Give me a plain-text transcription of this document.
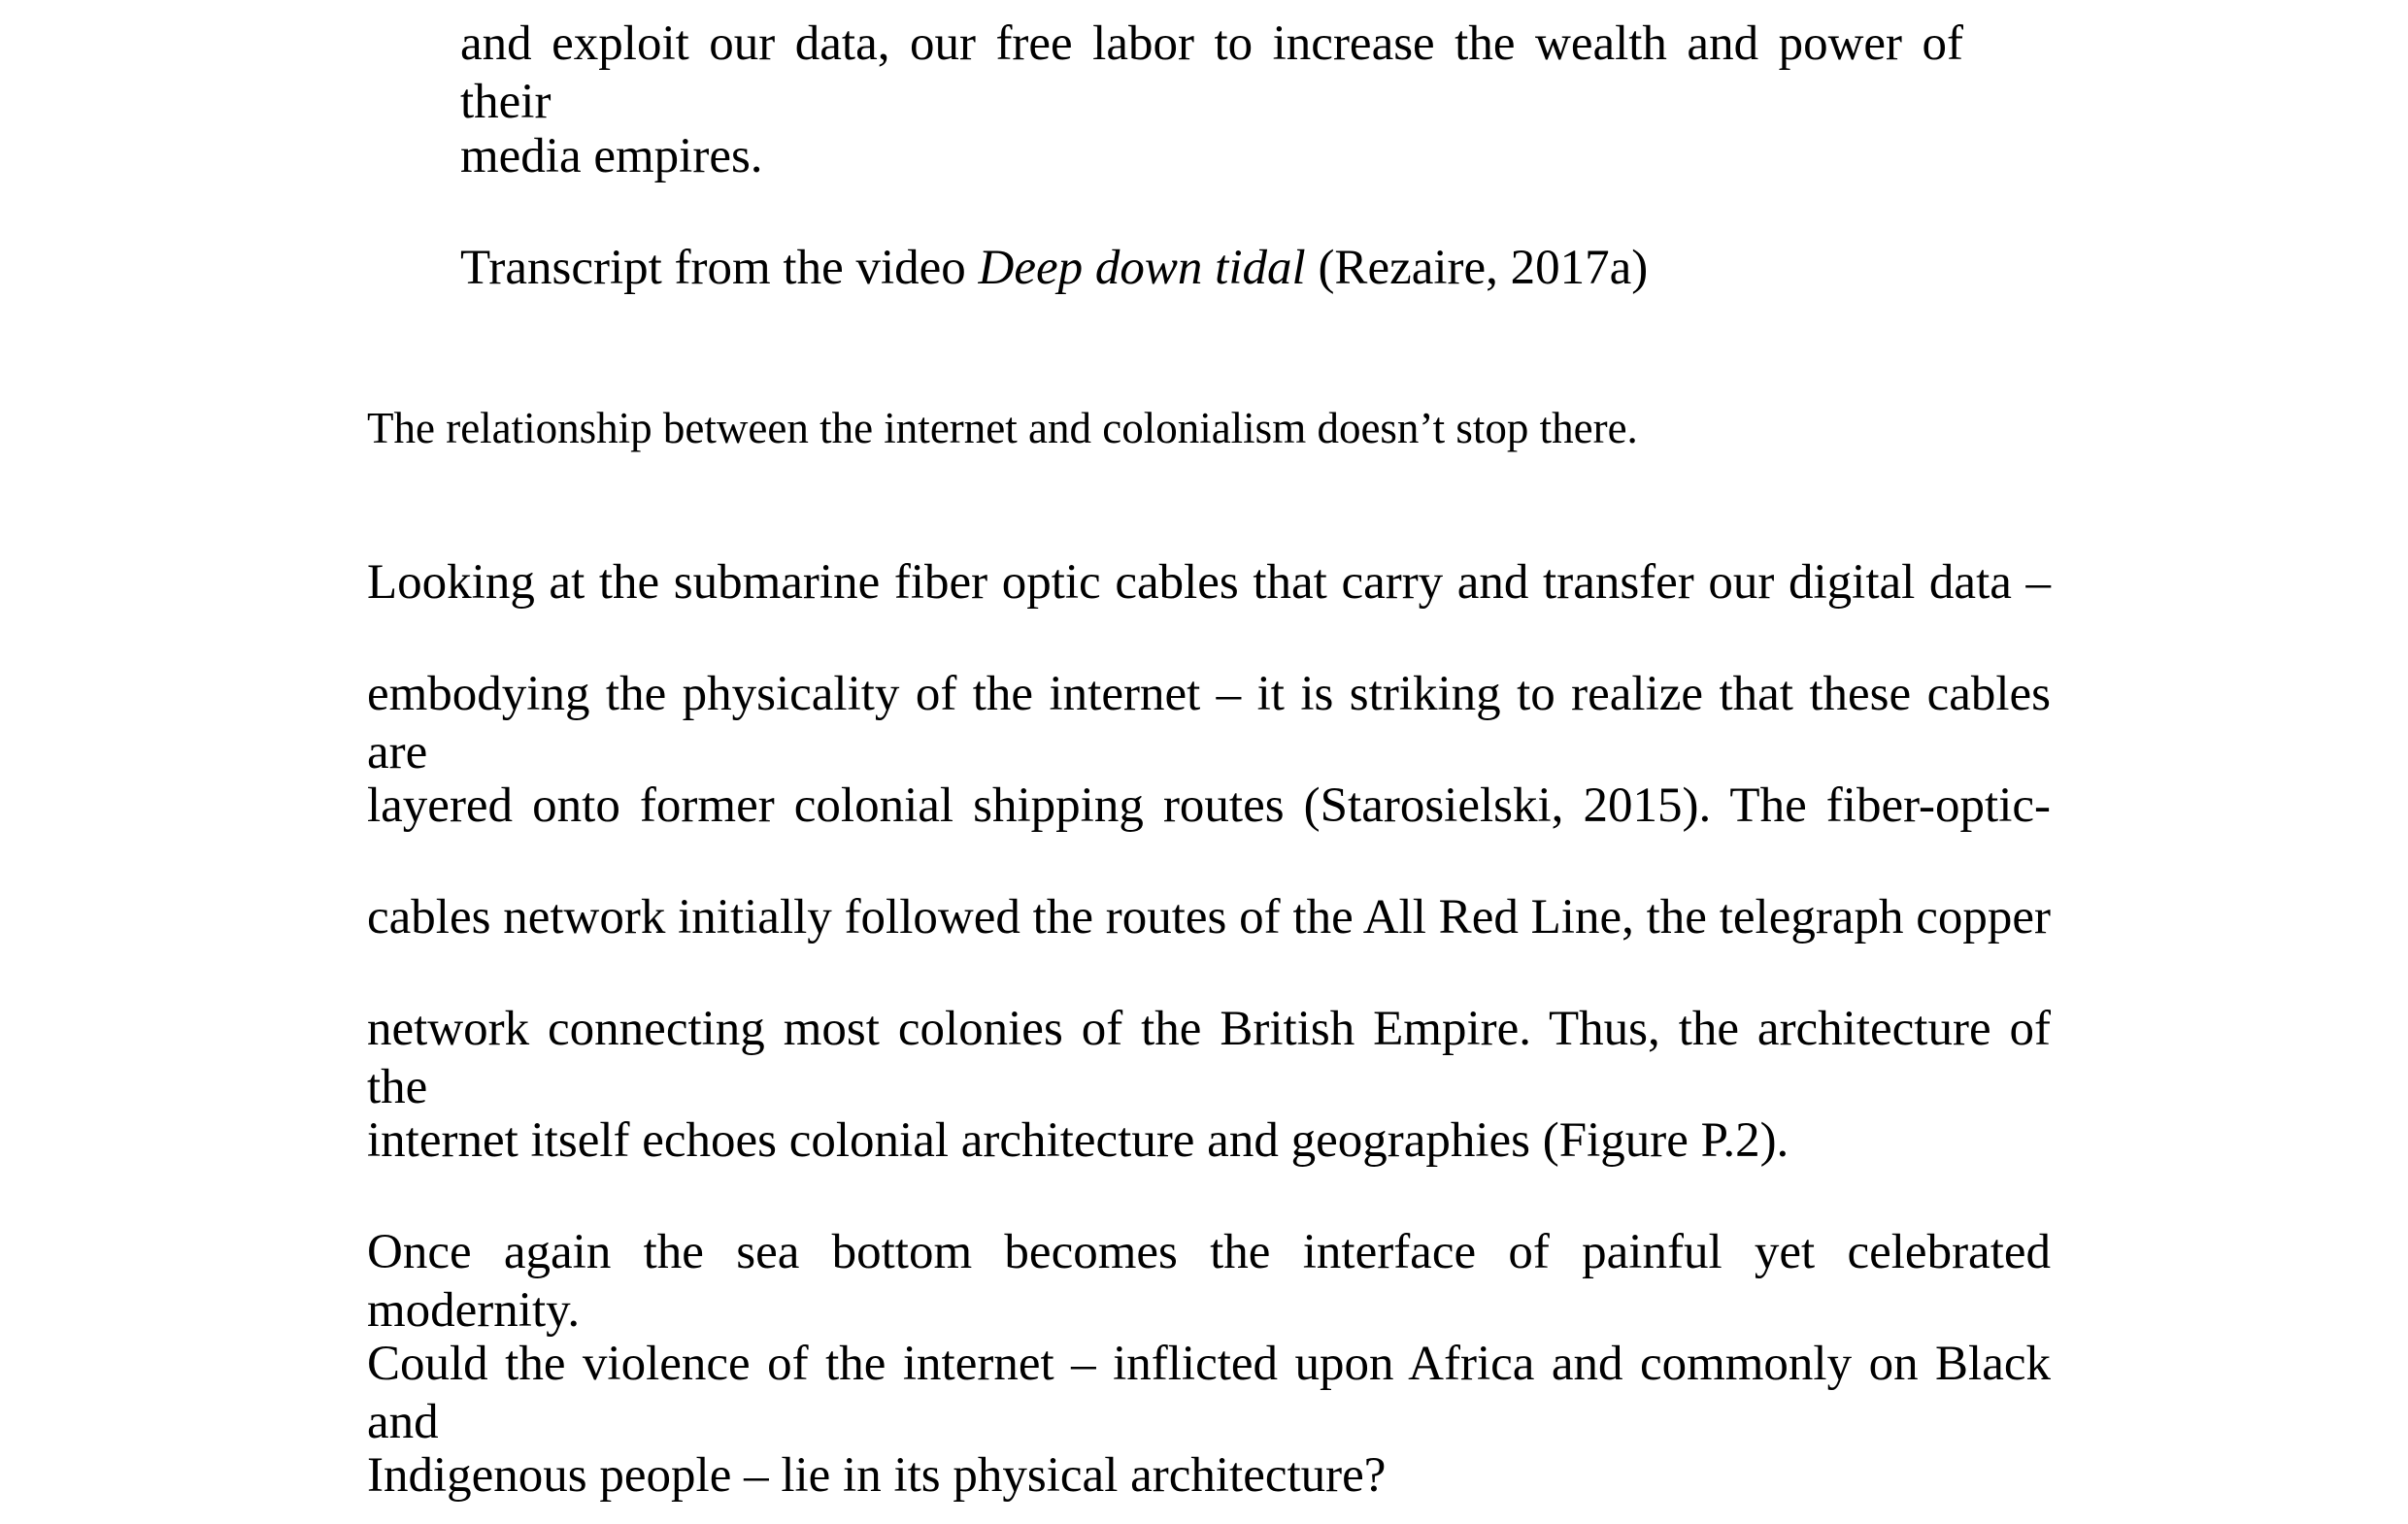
and exploit our data, our free labor to increase the wealth and power of their
media empires.
Transcript from the video Deep down tidal (Rezaire, 2017a)
The relationship between the internet and colonialism doesn’t stop there.
Looking at the submarine fiber optic cables that carry and transfer our digital data –
embodying the physicality of the internet – it is striking to realize that these cables are
layered onto former colonial shipping routes (Starosielski, 2015). The fiber-optic-
cables network initially followed the routes of the All Red Line, the telegraph copper
network connecting most colonies of the British Empire. Thus, the architecture of the
internet itself echoes colonial architecture and geographies (Figure P.2).
Once again the sea bottom becomes the interface of painful yet celebrated modernity.
Could the violence of the internet – inflicted upon Africa and commonly on Black and
Indigenous people – lie in its physical architecture?
